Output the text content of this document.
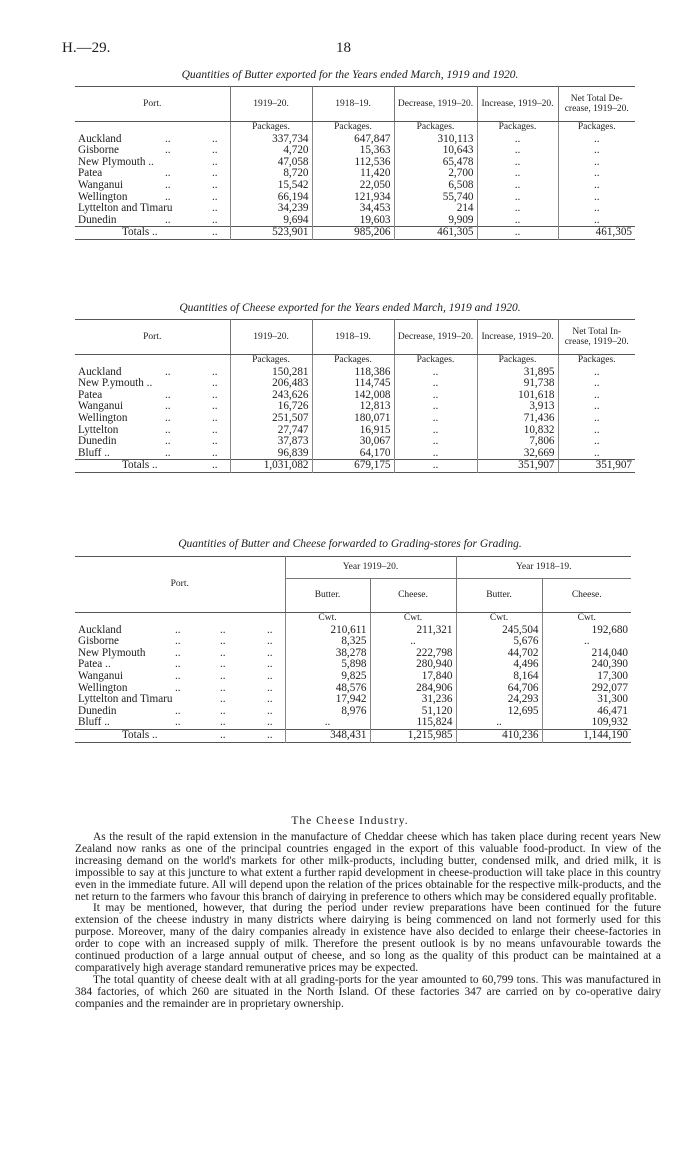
H.—29.	18
Quantities of Butter exported for the Years ended March, 1919 and 1920.
Port.	1919–20.	1918–19.	Decrease, 1919–20.	Increase, 1919–20.	Net Total De-crease, 1919–20.
	Packages.	Packages.	Packages.	Packages.	Packages.
Auckland .. ..	337,734	647,847	310,113	..	..
Gisborne .. ..	4,720	15,363	10,643	..	..
New Plymouth .. ..	47,058	112,536	65,478	..	..
Patea .. ..	8,720	11,420	2,700	..	..
Wanganui .. ..	15,542	22,050	6,508	..	..
Wellington .. ..	66,194	121,934	55,740	..	..
Lyttelton and Timaru ..	34,239	34,453	214	..	..
Dunedin .. ..	9,694	19,603	9,909	..	..
Totals .. ..	523,901	985,206	461,305	..	461,305
Quantities of Cheese exported for the Years ended March, 1919 and 1920.
Port.	1919–20.	1918–19.	Decrease, 1919–20.	Increase, 1919–20.	Net Total In-crease, 1919–20.
	Packages.	Packages.	Packages.	Packages.	Packages.
Auckland .. ..	150,281	118,386	..	31,895	..
New P.ymouth .. ..	206,483	114,745	..	91,738	..
Patea .. ..	243,626	142,008	..	101,618	..
Wanganui .. ..	16,726	12,813	..	3,913	..
Wellington .. ..	251,507	180,071	..	71,436	..
Lyttelton .. ..	27,747	16,915	..	10,832	..
Dunedin .. ..	37,873	30,067	..	7,806	..
Bluff .. .. ..	96,839	64,170	..	32,669	..
Totals .. ..	1,031,082	679,175	..	351,907	351,907
Quantities of Butter and Cheese forwarded to Grading-stores for Grading.
Port.	Year 1919–20.		Year 1918–19.	
	Butter.	Cheese.	Butter.	Cheese.
	Cwt.	Cwt.	Cwt.	Cwt.
Auckland .. .. ..	210,611	211,321	245,504	192,680
Gisborne .. .. ..	8,325	..	5,676	..
New Plymouth .. .. ..	38,278	222,798	44,702	214,040
Patea .. .. .. ..	5,898	280,940	4,496	240,390
Wanganui .. .. ..	9,825	17,840	8,164	17,300
Wellington .. .. ..	48,576	284,906	64,706	292,077
Lyttelton and Timaru .. ..	17,942	31,236	24,293	31,300
Dunedin .. .. ..	8,976	51,120	12,695	46,471
Bluff .. .. .. ..	..	115,824	..	109,932
Totals .. .. ..	348,431	1,215,985	410,236	1,144,190
The Cheese Industry.

As the result of the rapid extension in the manufacture of Cheddar cheese which has taken place during recent years New Zealand now ranks as one of the principal countries engaged in the export of this valuable food-product. In view of the increasing demand on the world's markets for other milk-products, including butter, condensed milk, and dried milk, it is impossible to say at this juncture to what extent a further rapid development in cheese-production will take place in this country even in the immediate future. All will depend upon the relation of the prices obtainable for the respective milk-products, and the net return to the farmers who favour this branch of dairying in preference to others which may be considered equally profitable.

It may be mentioned, however, that during the period under review preparations have been continued for the future extension of the cheese industry in many districts where dairying is being commenced on land not formerly used for this purpose. Moreover, many of the dairy companies already in existence have also decided to enlarge their cheese-factories in order to cope with an increased supply of milk. Therefore the present outlook is by no means unfavourable towards the continued production of a large annual output of cheese, and so long as the quality of this product can be maintained at a comparatively high average standard remunerative prices may be expected.

The total quantity of cheese dealt with at all grading-ports for the year amounted to 60,799 tons. This was manufactured in 384 factories, of which 260 are situated in the North Island. Of these factories 347 are carried on by co-operative dairy companies and the remainder are in proprietary ownership.
